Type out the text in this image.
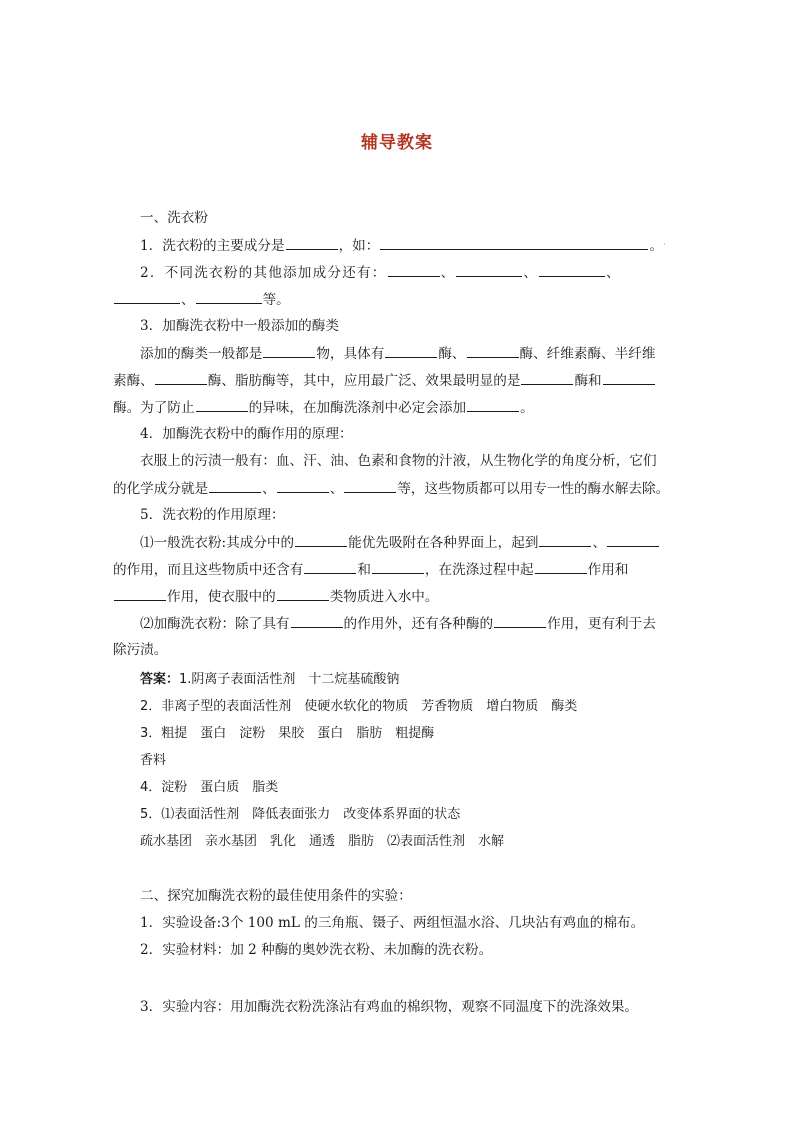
辅导教案
一、洗衣粉
1．洗衣粉的主要成分是	，如：	。 ·
2．不同洗衣粉的其他添加成分还有：	、	、	、
、	等。
3．加酶洗衣粉中一般添加的酶类
添加的酶类一般都是	物，具体有	酶、	酶、纤维素酶、半纤维
素酶、	酶、脂肪酶等，其中，应用最广泛、效果最明显的是	酶和
酶。为了防止	的异味，在加酶洗涤剂中必定会添加	。
4．加酶洗衣粉中的酶作用的原理：
衣服上的污渍一般有：血、汗、油、色素和食物的汁液，从生物化学的角度分析，它们
的化学成分就是	、	、	等，这些物质都可以用专一性的酶水解去除。
5．洗衣粉的作用原理：
⑴一般洗衣粉:其成分中的	能优先吸附在各种界面上，起到	、
的作用，而且这些物质中还含有	和	，在洗涤过程中起	作用和
作用，使衣服中的	类物质进入水中。
⑵加酶洗衣粉：除了具有	的作用外，还有各种酶的	作用，更有利于去
除污渍。
答案：1.阴离子表面活性剂　十二烷基硫酸钠
2．非离子型的表面活性剂　使硬水软化的物质　芳香物质　增白物质　酶类
3．粗提　蛋白　淀粉　果胶　蛋白　脂肪　粗提酶
香料
4．淀粉　蛋白质　脂类
5．⑴表面活性剂　降低表面张力　改变体系界面的状态
疏水基团　亲水基团　乳化　通透　脂肪　⑵表面活性剂　水解
二、探究加酶洗衣粉的最佳使用条件的实验：
1．实验设备:3个 100 mL 的三角瓶、镊子、两组恒温水浴、几块沾有鸡血的棉布。
2．实验材料：加 2 种酶的奥妙洗衣粉、未加酶的洗衣粉。
3．实验内容：用加酶洗衣粉洗涤沾有鸡血的棉织物，观察不同温度下的洗涤效果。
